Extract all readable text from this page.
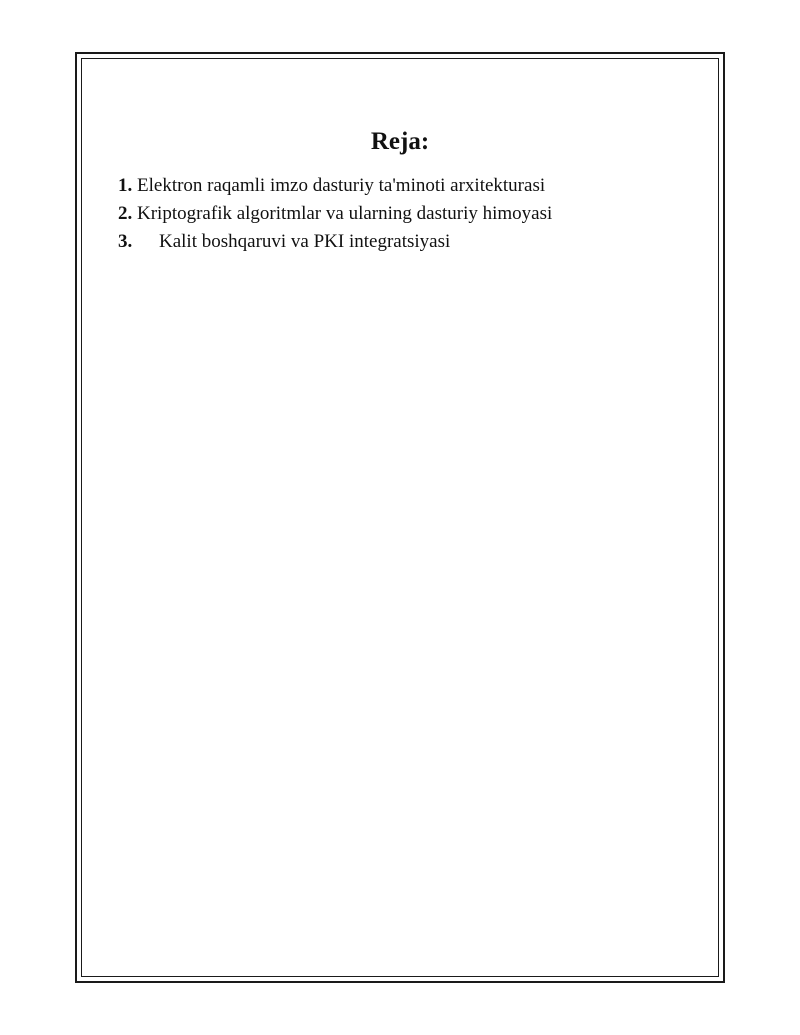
Reja:
1. Elektron raqamli imzo dasturiy ta'minoti arxitekturasi
2. Kriptografik algoritmlar va ularning dasturiy himoyasi
3. Kalit boshqaruvi va PKI integratsiyasi
